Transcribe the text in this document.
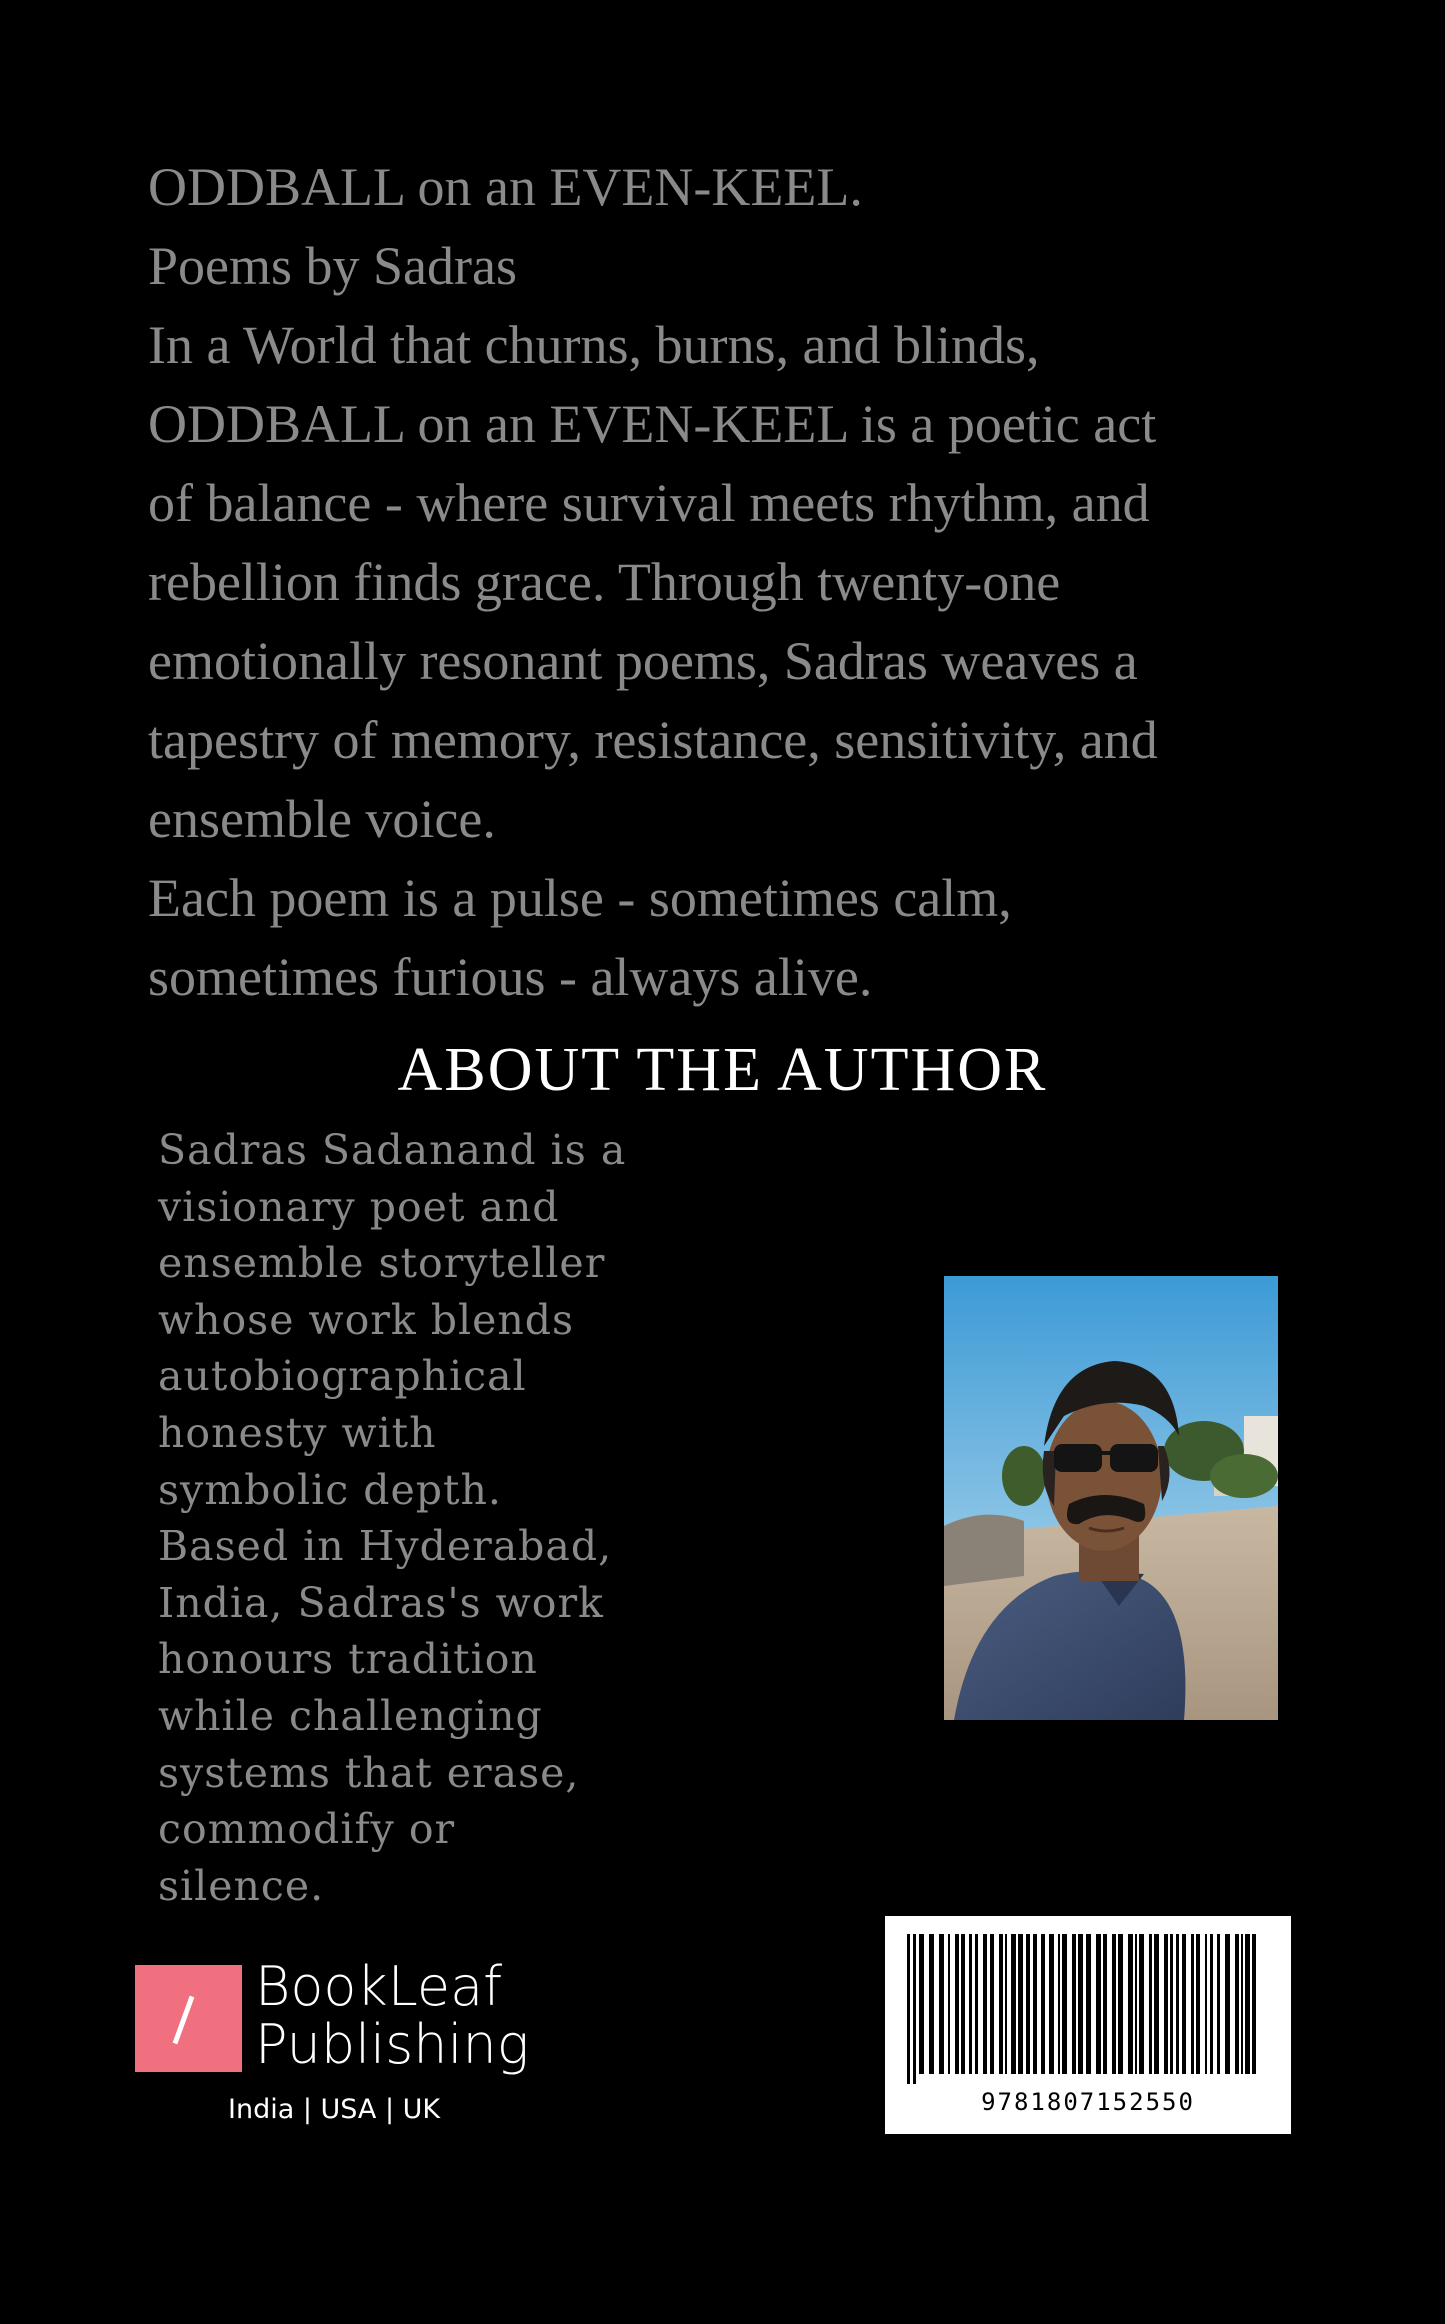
ODDBALL on an EVEN-KEEL.
Poems by Sadras
In a World that churns, burns, and blinds,
ODDBALL on an EVEN-KEEL is a poetic act
of balance - where survival meets rhythm, and
rebellion finds grace. Through twenty-one
emotionally resonant poems, Sadras weaves a
tapestry of memory, resistance, sensitivity, and
ensemble voice.
Each poem is a pulse - sometimes calm,
sometimes furious - always alive.
ABOUT THE AUTHOR
Sadras Sadanand is a
visionary poet and
ensemble storyteller
whose work blends
autobiographical
honesty with
symbolic depth.
Based in Hyderabad,
India, Sadras's work
honours tradition
while challenging
systems that erase,
commodify or
silence.
9781807152550
BookLeaf
Publishing
India | USA | UK
